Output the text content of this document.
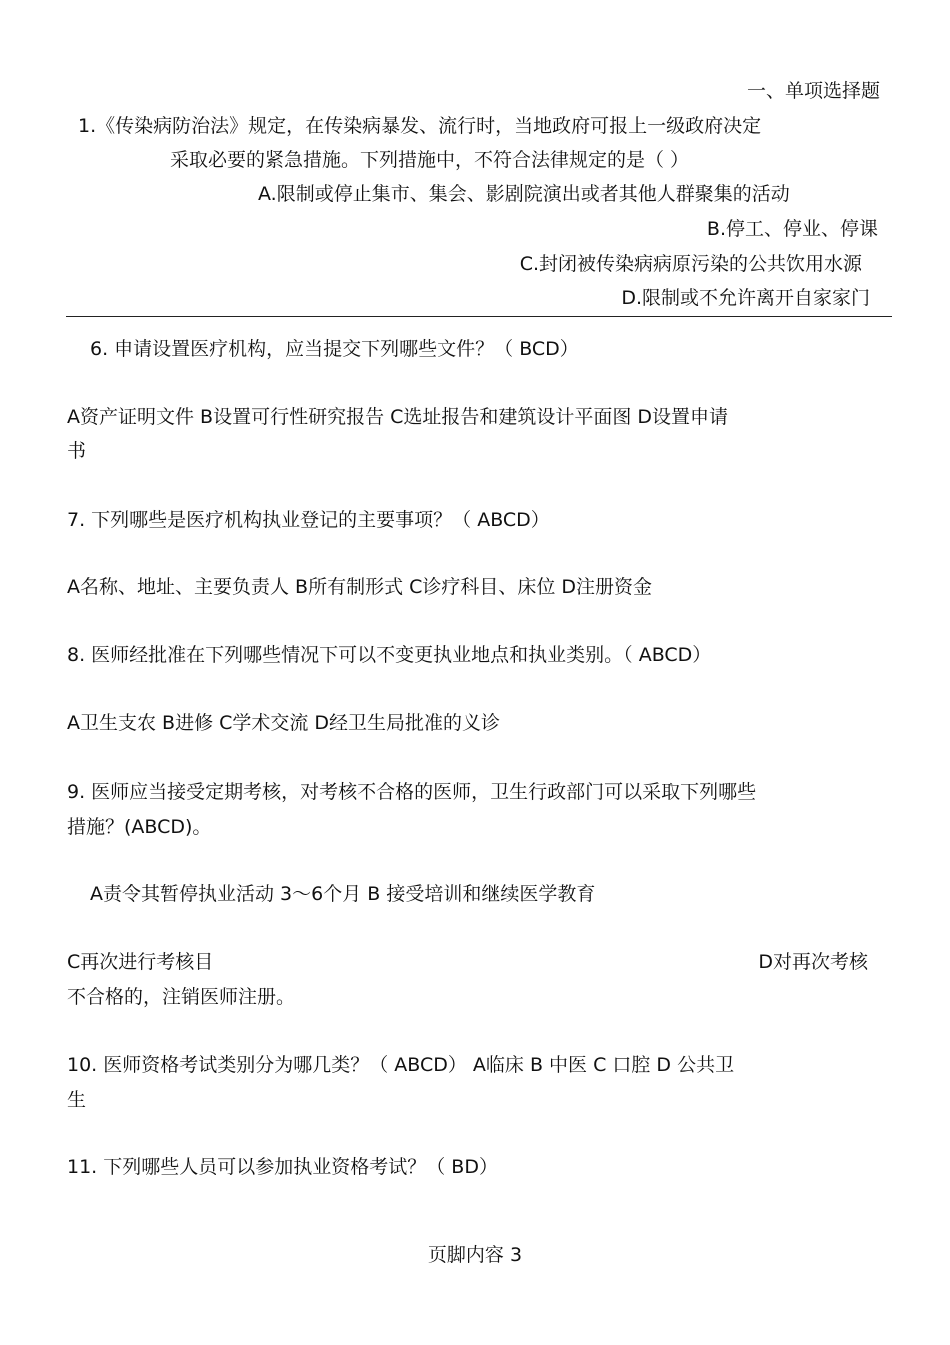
一、单项选择题
1.《传染病防治法》规定，在传染病暴发、流行时，当地政府可报上一级政府决定
采取必要的紧急措施。下列措施中，不符合法律规定的是（ ）
A.限制或停止集市、集会、影剧院演出或者其他人群聚集的活动
B.停工、停业、停课
C.封闭被传染病病原污染的公共饮用水源
D.限制或不允许离开自家家门
6. 申请设置医疗机构，应当提交下列哪些文件？（ BCD）
A资产证明文件 B设置可行性研究报告 C选址报告和建筑设计平面图 D设置申请
书
7. 下列哪些是医疗机构执业登记的主要事项？（ ABCD）
A名称、地址、主要负责人 B所有制形式 C诊疗科目、床位 D注册资金
8. 医师经批准在下列哪些情况下可以不变更执业地点和执业类别。（ ABCD）
A卫生支农 B进修 C学术交流 D经卫生局批准的义诊
9. 医师应当接受定期考核，对考核不合格的医师，卫生行政部门可以采取下列哪些
措施？(ABCD)。
A责令其暂停执业活动 3～6个月 B 接受培训和继续医学教育
C再次进行考核目	D对再次考核
不合格的，注销医师注册。
10. 医师资格考试类别分为哪几类？（ ABCD） A临床 B 中医 C 口腔 D 公共卫
生
11. 下列哪些人员可以参加执业资格考试？（ BD）
页脚内容 3
